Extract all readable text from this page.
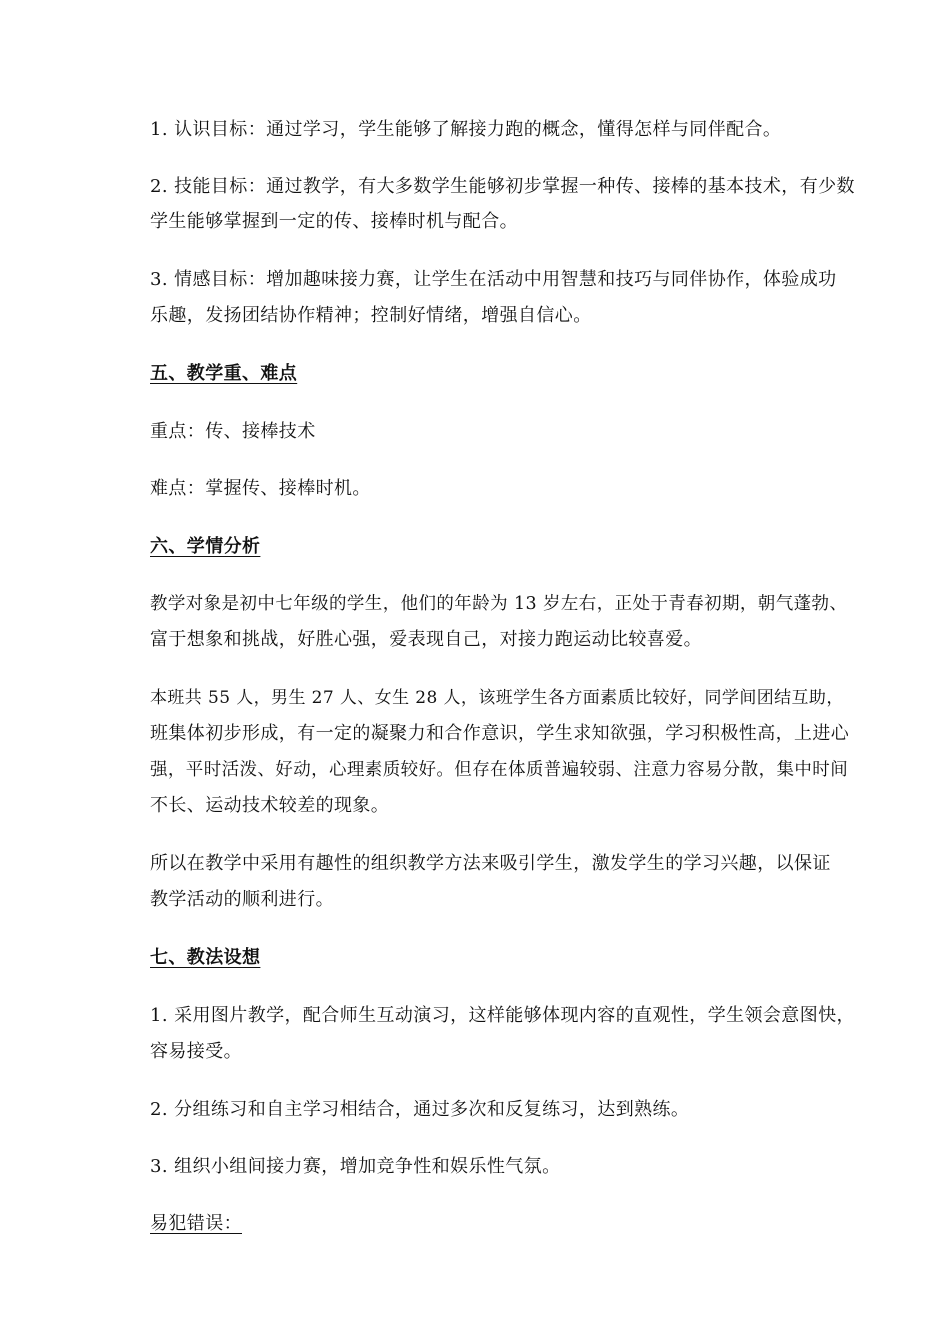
1. 认识目标：通过学习，学生能够了解接力跑的概念，懂得怎样与同伴配合。
2. 技能目标：通过教学，有大多数学生能够初步掌握一种传、接棒的基本技术，有少数
学生能够掌握到一定的传、接棒时机与配合。
3. 情感目标：增加趣味接力赛，让学生在活动中用智慧和技巧与同伴协作，体验成功
乐趣，发扬团结协作精神；控制好情绪，增强自信心。
五、教学重、难点
重点：传、接棒技术
难点：掌握传、接棒时机。
六、学情分析
教学对象是初中七年级的学生，他们的年龄为 13 岁左右，正处于青春初期，朝气蓬勃、
富于想象和挑战，好胜心强，爱表现自己，对接力跑运动比较喜爱。
本班共 55 人，男生 27 人、女生 28 人，该班学生各方面素质比较好，同学间团结互助，
班集体初步形成，有一定的凝聚力和合作意识，学生求知欲强，学习积极性高，上进心
强，平时活泼、好动，心理素质较好。但存在体质普遍较弱、注意力容易分散，集中时间
不长、运动技术较差的现象。
所以在教学中采用有趣性的组织教学方法来吸引学生，激发学生的学习兴趣，以保证
教学活动的顺利进行。
七、教法设想
1. 采用图片教学，配合师生互动演习，这样能够体现内容的直观性，学生领会意图快，
容易接受。
2. 分组练习和自主学习相结合，通过多次和反复练习，达到熟练。
3. 组织小组间接力赛，增加竞争性和娱乐性气氛。
易犯错误：
